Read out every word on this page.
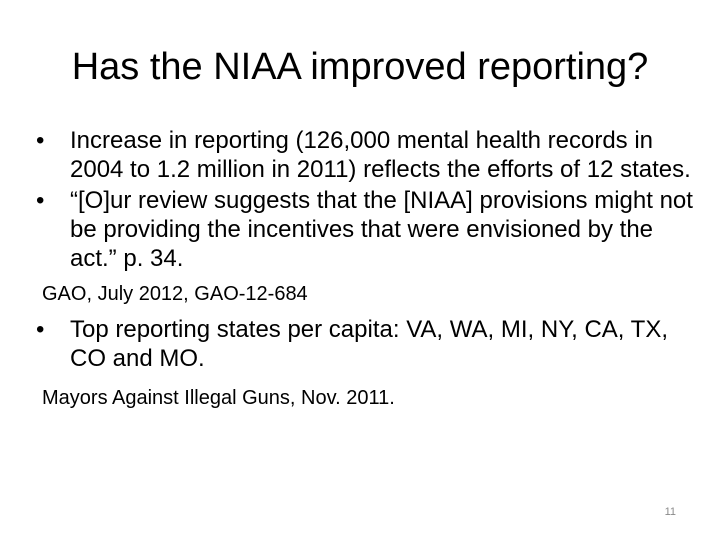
Has the NIAA improved reporting?

•	Increase in reporting (126,000 mental health records in 2004 to 1.2 million in 2011) reflects the efforts of 12 states.

•	“[O]ur review suggests that the [NIAA] provisions might not be providing the incentives that were envisioned by the act.” p. 34.

GAO, July 2012, GAO-12-684

•	Top reporting states per capita: VA, WA, MI, NY, CA, TX, CO and MO.

Mayors Against Illegal Guns, Nov. 2011.

11
